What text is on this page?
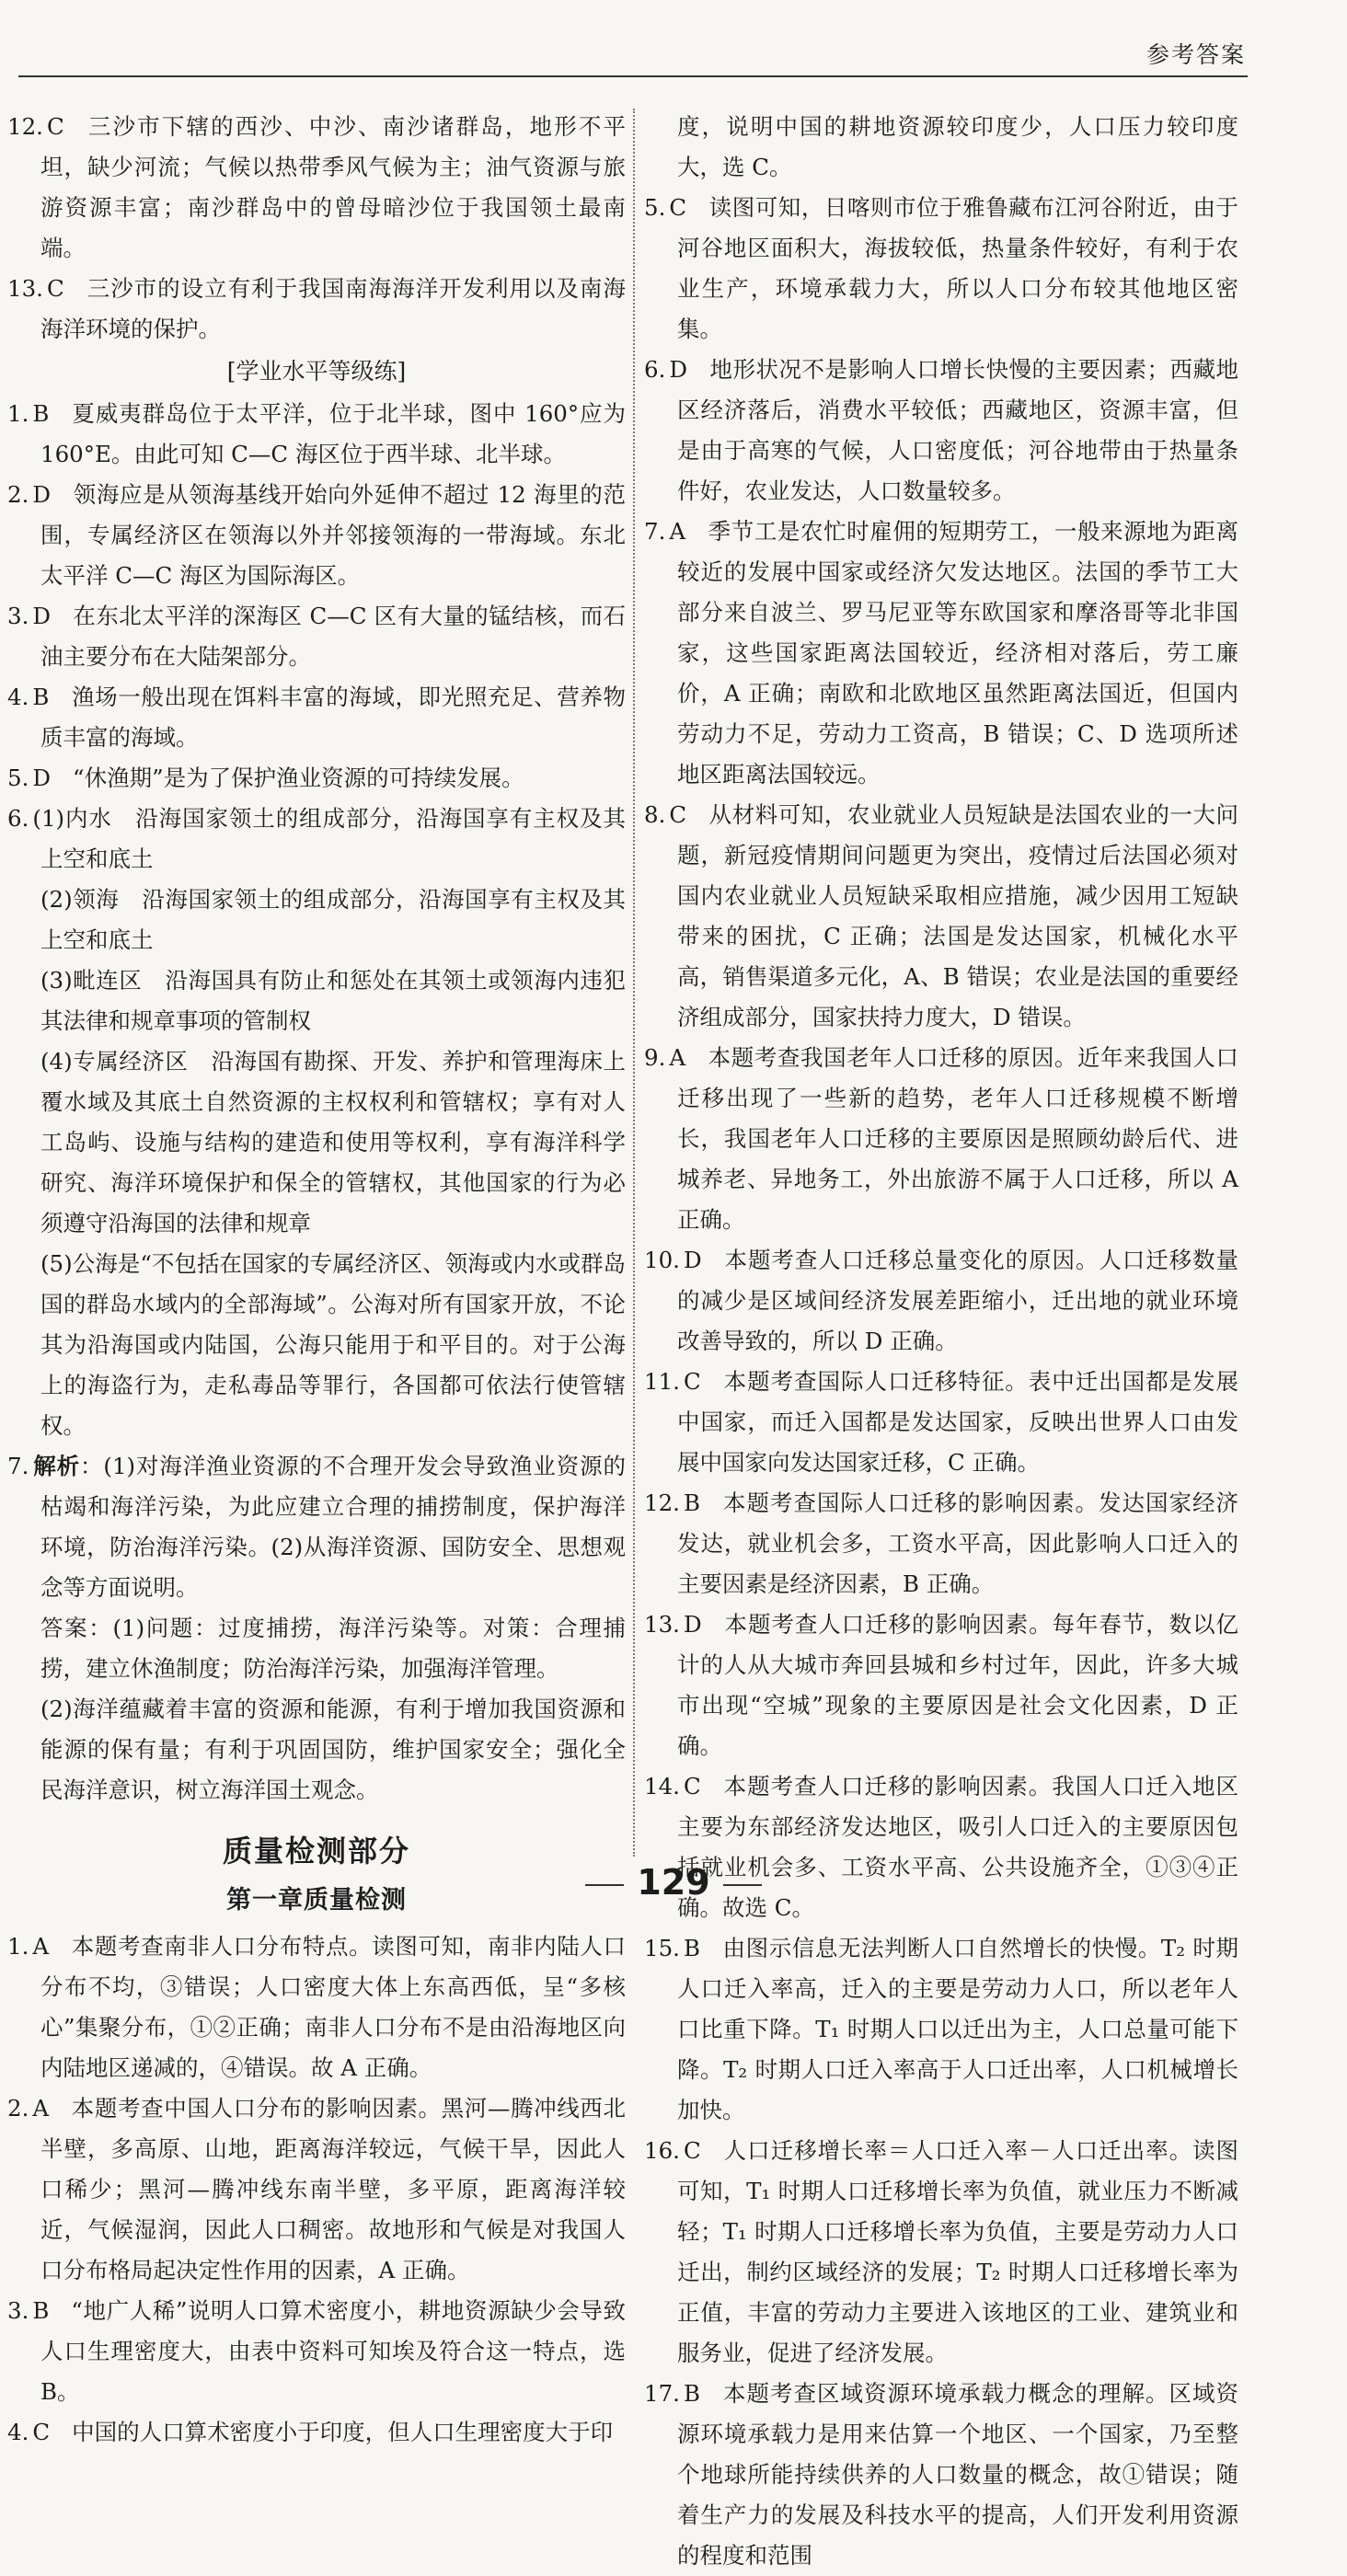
参考答案

12. C 三沙市下辖的西沙、中沙、南沙诸群岛，地形不平坦，缺少河流；气候以热带季风气候为主；油气资源与旅游资源丰富；南沙群岛中的曾母暗沙位于我国领土最南端。

13. C 三沙市的设立有利于我国南海海洋开发利用以及南海海洋环境的保护。

[学业水平等级练]

1. B 夏威夷群岛位于太平洋，位于北半球，图中 160°应为 160°E。由此可知 C—C 海区位于西半球、北半球。

2. D 领海应是从领海基线开始向外延伸不超过 12 海里的范围，专属经济区在领海以外并邻接领海的一带海域。东北太平洋 C—C 海区为国际海区。

3. D 在东北太平洋的深海区 C—C 区有大量的锰结核，而石油主要分布在大陆架部分。

4. B 渔场一般出现在饵料丰富的海域，即光照充足、营养物质丰富的海域。

5. D “休渔期”是为了保护渔业资源的可持续发展。

6. (1)内水　沿海国家领土的组成部分，沿海国享有主权及其上空和底土

(2)领海　沿海国家领土的组成部分，沿海国享有主权及其上空和底土

(3)毗连区　沿海国具有防止和惩处在其领土或领海内违犯其法律和规章事项的管制权

(4)专属经济区　沿海国有勘探、开发、养护和管理海床上覆水域及其底土自然资源的主权权利和管辖权；享有对人工岛屿、设施与结构的建造和使用等权利，享有海洋科学研究、海洋环境保护和保全的管辖权，其他国家的行为必须遵守沿海国的法律和规章

(5)公海是“不包括在国家的专属经济区、领海或内水或群岛国的群岛水域内的全部海域”。公海对所有国家开放，不论其为沿海国或内陆国，公海只能用于和平目的。对于公海上的海盗行为，走私毒品等罪行，各国都可依法行使管辖权。

7. 解析：(1)对海洋渔业资源的不合理开发会导致渔业资源的枯竭和海洋污染，为此应建立合理的捕捞制度，保护海洋环境，防治海洋污染。(2)从海洋资源、国防安全、思想观念等方面说明。

答案：(1)问题：过度捕捞，海洋污染等。对策：合理捕捞，建立休渔制度；防治海洋污染，加强海洋管理。

(2)海洋蕴藏着丰富的资源和能源，有利于增加我国资源和能源的保有量；有利于巩固国防，维护国家安全；强化全民海洋意识，树立海洋国土观念。

质量检测部分
第一章质量检测

1. A 本题考查南非人口分布特点。读图可知，南非内陆人口分布不均，③错误；人口密度大体上东高西低，呈“多核心”集聚分布，①②正确；南非人口分布不是由沿海地区向内陆地区递减的，④错误。故 A 正确。

2. A 本题考查中国人口分布的影响因素。黑河—腾冲线西北半壁，多高原、山地，距离海洋较远，气候干旱，因此人口稀少；黑河—腾冲线东南半壁，多平原，距离海洋较近，气候湿润，因此人口稠密。故地形和气候是对我国人口分布格局起决定性作用的因素，A 正确。

3. B “地广人稀”说明人口算术密度小，耕地资源缺少会导致人口生理密度大，由表中资料可知埃及符合这一特点，选 B。

4. C 中国的人口算术密度小于印度，但人口生理密度大于印

度，说明中国的耕地资源较印度少，人口压力较印度大，选 C。

5. C 读图可知，日喀则市位于雅鲁藏布江河谷附近，由于河谷地区面积大，海拔较低，热量条件较好，有利于农业生产，环境承载力大，所以人口分布较其他地区密集。

6. D 地形状况不是影响人口增长快慢的主要因素；西藏地区经济落后，消费水平较低；西藏地区，资源丰富，但是由于高寒的气候，人口密度低；河谷地带由于热量条件好，农业发达，人口数量较多。

7. A 季节工是农忙时雇佣的短期劳工，一般来源地为距离较近的发展中国家或经济欠发达地区。法国的季节工大部分来自波兰、罗马尼亚等东欧国家和摩洛哥等北非国家，这些国家距离法国较近，经济相对落后，劳工廉价，A 正确；南欧和北欧地区虽然距离法国近，但国内劳动力不足，劳动力工资高，B 错误；C、D 选项所述地区距离法国较远。

8. C 从材料可知，农业就业人员短缺是法国农业的一大问题，新冠疫情期间问题更为突出，疫情过后法国必须对国内农业就业人员短缺采取相应措施，减少因用工短缺带来的困扰，C 正确；法国是发达国家，机械化水平高，销售渠道多元化，A、B 错误；农业是法国的重要经济组成部分，国家扶持力度大，D 错误。

9. A 本题考查我国老年人口迁移的原因。近年来我国人口迁移出现了一些新的趋势，老年人口迁移规模不断增长，我国老年人口迁移的主要原因是照顾幼龄后代、进城养老、异地务工，外出旅游不属于人口迁移，所以 A 正确。

10. D 本题考查人口迁移总量变化的原因。人口迁移数量的减少是区域间经济发展差距缩小，迁出地的就业环境改善导致的，所以 D 正确。

11. C 本题考查国际人口迁移特征。表中迁出国都是发展中国家，而迁入国都是发达国家，反映出世界人口由发展中国家向发达国家迁移，C 正确。

12. B 本题考查国际人口迁移的影响因素。发达国家经济发达，就业机会多，工资水平高，因此影响人口迁入的主要因素是经济因素，B 正确。

13. D 本题考查人口迁移的影响因素。每年春节，数以亿计的人从大城市奔回县城和乡村过年，因此，许多大城市出现“空城”现象的主要原因是社会文化因素，D 正确。

14. C 本题考查人口迁移的影响因素。我国人口迁入地区主要为东部经济发达地区，吸引人口迁入的主要原因包括就业机会多、工资水平高、公共设施齐全，①③④正确。故选 C。

15. B 由图示信息无法判断人口自然增长的快慢。T₂ 时期人口迁入率高，迁入的主要是劳动力人口，所以老年人口比重下降。T₁ 时期人口以迁出为主，人口总量可能下降。T₂ 时期人口迁入率高于人口迁出率，人口机械增长加快。

16. C 人口迁移增长率＝人口迁入率－人口迁出率。读图可知，T₁ 时期人口迁移增长率为负值，就业压力不断减轻；T₁ 时期人口迁移增长率为负值，主要是劳动力人口迁出，制约区域经济的发展；T₂ 时期人口迁移增长率为正值，丰富的劳动力主要进入该地区的工业、建筑业和服务业，促进了经济发展。

17. B 本题考查区域资源环境承载力概念的理解。区域资源环境承载力是用来估算一个地区、一个国家，乃至整个地球所能持续供养的人口数量的概念，故①错误；随着生产力的发展及科技水平的提高，人们开发利用资源的程度和范围

129
